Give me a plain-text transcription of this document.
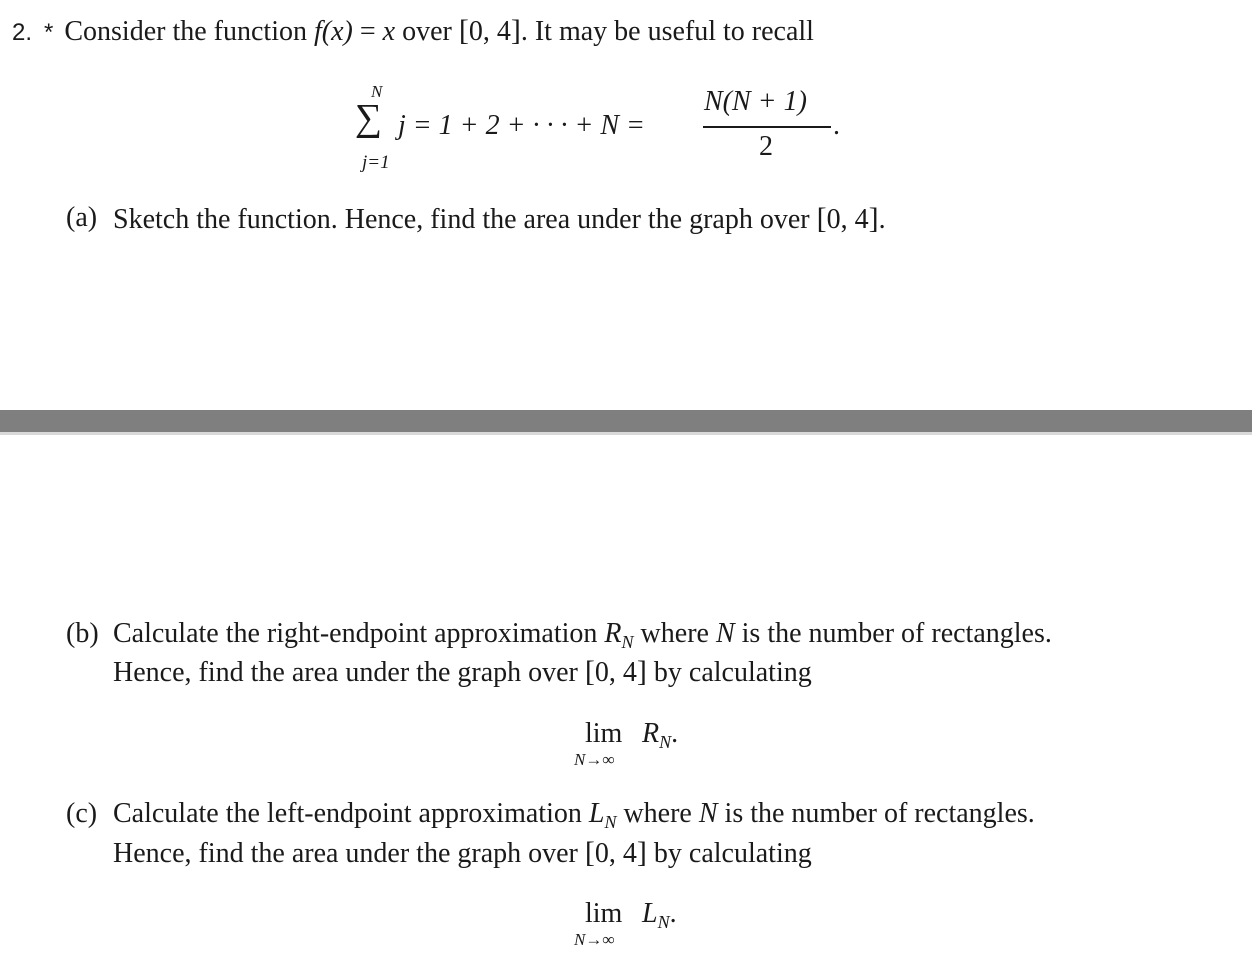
2. * Consider the function f(x) = x over [0, 4]. It may be useful to recall
N
∑
j=1
j = 1 + 2 + · · · + N =
N(N + 1)
2
.
(a) Sketch the function. Hence, find the area under the graph over [0, 4].
(b) Calculate the right-endpoint approximation $R_N$ where N is the number of rectangles.
Hence, find the area under the graph over [0, 4] by calculating
lim
N→∞
$R_N$.
(c) Calculate the left-endpoint approximation $L_N$ where N is the number of rectangles.
Hence, find the area under the graph over [0, 4] by calculating
lim
N→∞
$L_N$.
